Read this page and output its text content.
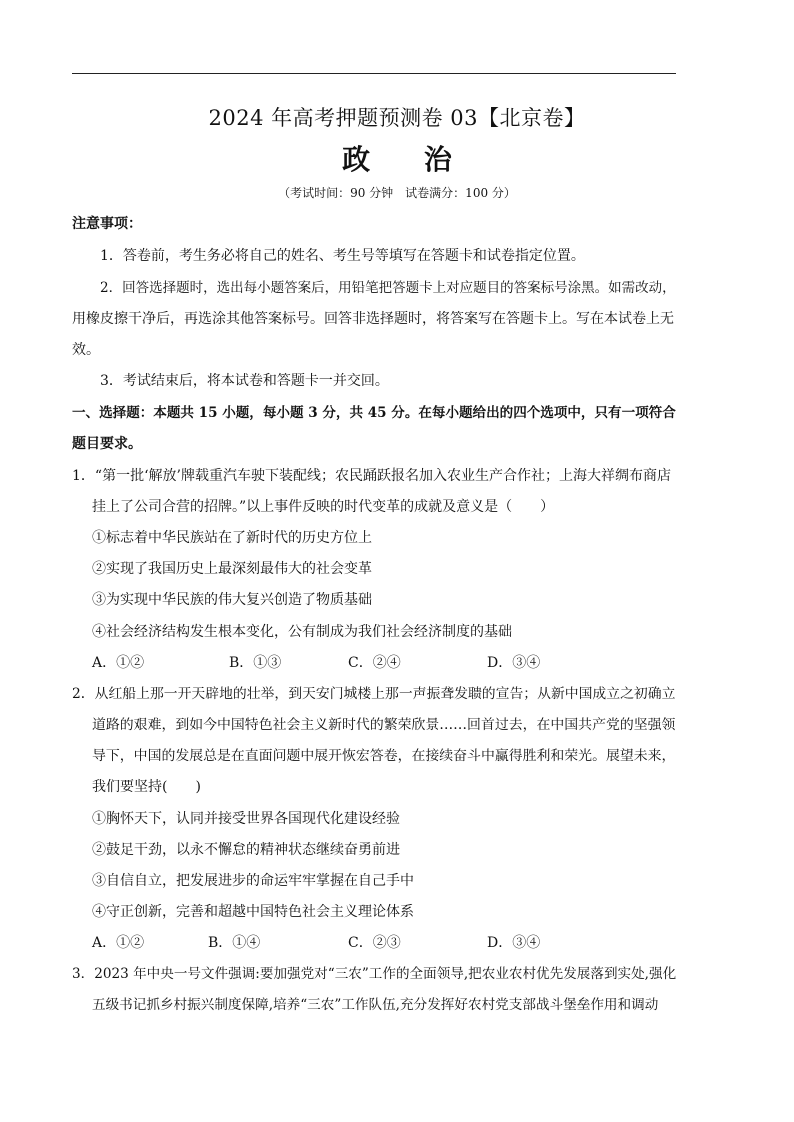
2024 年高考押题预测卷 03【北京卷】
政 治
（考试时间：90 分钟　试卷满分：100 分）
注意事项：
1．答卷前，考生务必将自己的姓名、考生号等填写在答题卡和试卷指定位置。
2．回答选择题时，选出每小题答案后，用铅笔把答题卡上对应题目的答案标号涂黑。如需改动，
用橡皮擦干净后，再选涂其他答案标号。回答非选择题时，将答案写在答题卡上。写在本试卷上无
效。
3．考试结束后，将本试卷和答题卡一并交回。
一、选择题：本题共 15 小题，每小题 3 分，共 45 分。在每小题给出的四个选项中，只有一项符合
题目要求。
1．“第一批‘解放’牌载重汽车驶下装配线；农民踊跃报名加入农业生产合作社；上海大祥绸布商店
挂上了公司合营的招牌。”以上事件反映的时代变革的成就及意义是（　　）
①标志着中华民族站在了新时代的历史方位上
②实现了我国历史上最深刻最伟大的社会变革
③为实现中华民族的伟大复兴创造了物质基础
④社会经济结构发生根本变化，公有制成为我们社会经济制度的基础
A．①②	B．①③	C．②④	D．③④
2．从红船上那一开天辟地的壮举，到天安门城楼上那一声振聋发聩的宣告；从新中国成立之初确立
道路的艰难，到如今中国特色社会主义新时代的繁荣欣景……回首过去，在中国共产党的坚强领
导下，中国的发展总是在直面问题中展开恢宏答卷，在接续奋斗中赢得胜利和荣光。展望未来，
我们要坚持(　　)
①胸怀天下，认同并接受世界各国现代化建设经验
②鼓足干劲，以永不懈怠的精神状态继续奋勇前进
③自信自立，把发展进步的命运牢牢掌握在自己手中
④守正创新，完善和超越中国特色社会主义理论体系
A．①②	B．①④	C．②③	D．③④
3．2023 年中央一号文件强调:要加强党对“三农”工作的全面领导,把农业农村优先发展落到实处,强化
五级书记抓乡村振兴制度保障,培养“三农”工作队伍,充分发挥好农村党支部战斗堡垒作用和调动
